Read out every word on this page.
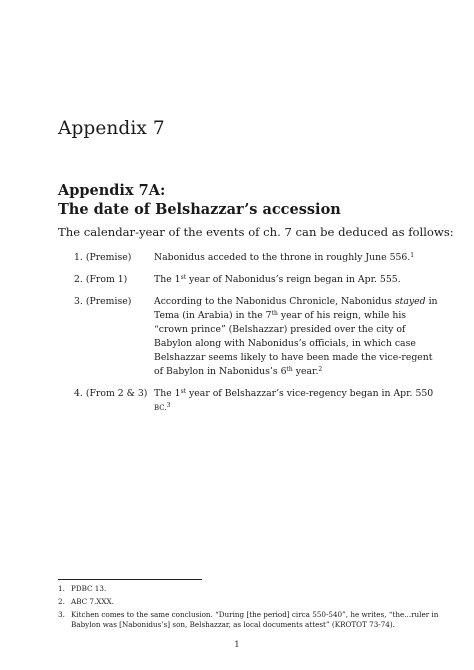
Appendix 7
Appendix 7A:
The date of Belshazzar’s accession

The calendar-year of the events of ch. 7 can be deduced as follows:

1. (Premise)	Nabonidus acceded to the throne in roughly June 556.$^1$
2. (From 1)	The 1st year of Nabonidus’s reign began in Apr. 555.
3. (Premise)	According to the Nabonidus Chronicle, Nabonidus stayed in
Tema (in Arabia) in the 7th year of his reign, while his
“crown prince” (Belshazzar) presided over the city of
Babylon along with Nabonidus’s officials, in which case
Belshazzar seems likely to have been made the vice-regent
of Babylon in Nabonidus’s 6th year.$^2$
4. (From 2 & 3) The 1st year of Belshazzar’s vice-regency began in Apr. 550
BC.$^3$
1. PDBC 13.
2. ABC 7.XXX.
3. Kitchen comes to the same conclusion. “During [the period] circa 550-540”, he writes, “the...ruler in
Babylon was [Nabonidus’s] son, Belshazzar, as local documents attest” (KROTOT 73-74).

1
